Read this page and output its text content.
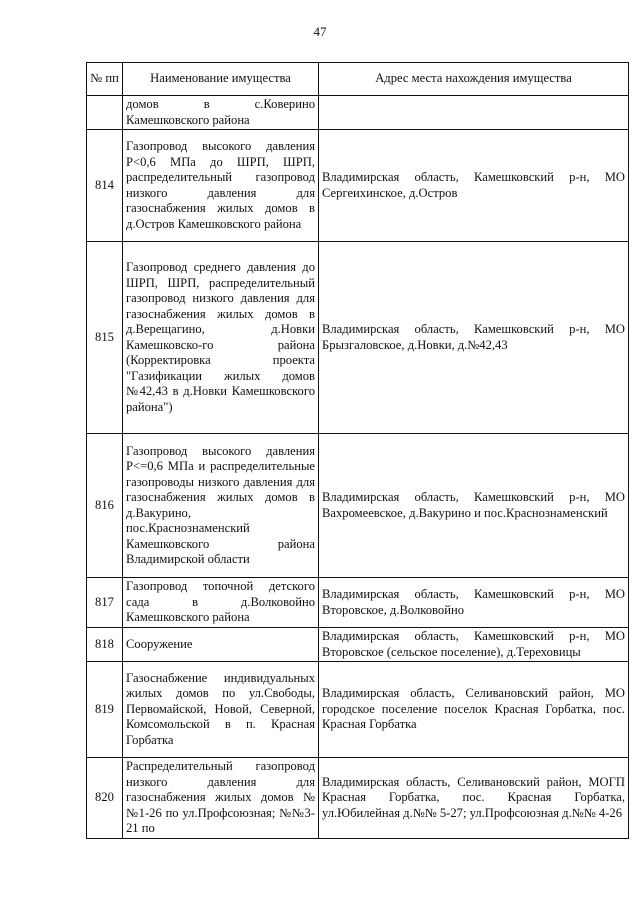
47
№ пп	Наименование имущества	Адрес места нахождения имущества
	домов в с.Коверино Камешковского района	
814	Газопровод высокого давления Р<0,6 МПа до ШРП, ШРП, распределительный газопровод низкого давления для газоснабжения жилых домов в д.Остров Камешковского района	Владимирская область, Камешковский р-н, МО Сергеихинское, д.Остров
815	Газопровод среднего давления до ШРП, ШРП, распределительный газопровод низкого давления для газоснабжения жилых домов в д.Верещагино, д.Новки Камешковско-го района (Корректировка проекта "Газификации жилых домов №42,43 в д.Новки Камешковского района")	Владимирская область, Камешковский р-н, МО Брызгаловское, д.Новки, д.№42,43
816	Газопровод высокого давления Р<=0,6 МПа и распределительные газопроводы низкого давления для газоснабжения жилых домов в д.Вакурино, пос.Краснознаменский Камешковского района Владимирской области	Владимирская область, Камешковский р-н, МО Вахромеевское, д.Вакурино и пос.Краснознаменский
817	Газопровод топочной детского сада в д.Волковойно Камешковского района	Владимирская область, Камешковский р-н, МО Второвское, д.Волковойно
818	Сооружение	Владимирская область, Камешковский р-н, МО Второвское (сельское поселение), д.Тереховицы
819	Газоснабжение индивидуальных жилых домов по ул.Свободы, Первомайской, Новой, Северной, Комсомольской в п. Красная Горбатка	Владимирская область, Селивановский район, МО городское поселение поселок Красная Горбатка, пос. Красная Горбатка
820	Распределительный газопровод низкого давления для газоснабжения жилых домов №№1-26 по ул.Профсоюзная; №№3-21 по	Владимирская область, Селивановский район, МОГП Красная Горбатка, пос. Красная Горбатка, ул.Юбилейная д.№№ 5-27; ул.Профсоюзная д.№№ 4-26
